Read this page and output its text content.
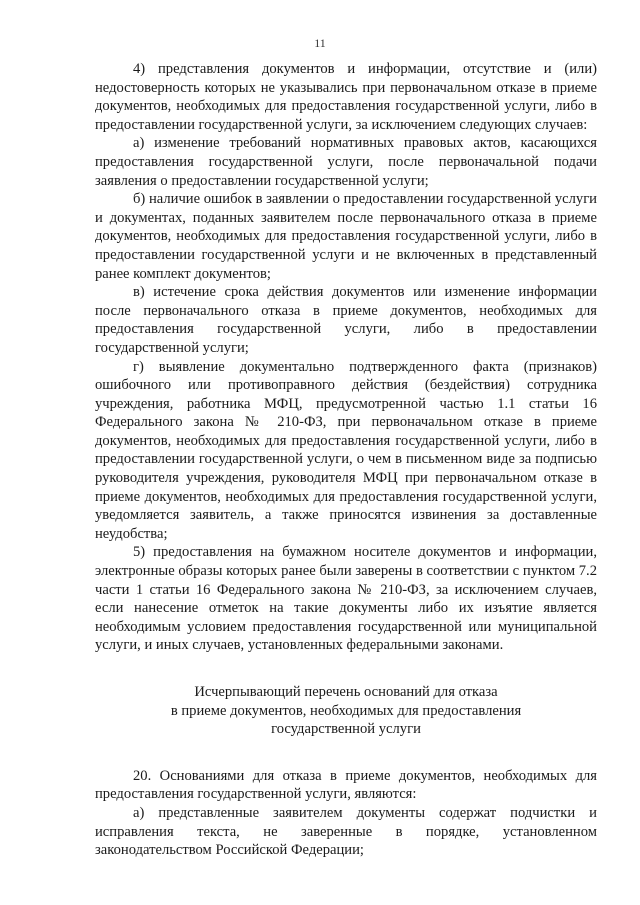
11

4) представления документов и информации, отсутствие и (или) недостоверность которых не указывались при первоначальном отказе в приеме документов, необходимых для предоставления государственной услуги, либо в предоставлении государственной услуги, за исключением следующих случаев:

а) изменение требований нормативных правовых актов, касающихся предоставления государственной услуги, после первоначальной подачи заявления о предоставлении государственной услуги;

б) наличие ошибок в заявлении о предоставлении государственной услуги и документах, поданных заявителем после первоначального отказа в приеме документов, необходимых для предоставления государственной услуги, либо в предоставлении государственной услуги и не включенных в представленный ранее комплект документов;

в) истечение срока действия документов или изменение информации после первоначального отказа в приеме документов, необходимых для предоставления государственной услуги, либо в предоставлении государственной услуги;

г) выявление документально подтвержденного факта (признаков) ошибочного или противоправного действия (бездействия) сотрудника учреждения, работника МФЦ, предусмотренной частью 1.1 статьи 16 Федерального закона № 210-ФЗ, при первоначальном отказе в приеме документов, необходимых для предоставления государственной услуги, либо в предоставлении государственной услуги, о чем в письменном виде за подписью руководителя учреждения, руководителя МФЦ при первоначальном отказе в приеме документов, необходимых для предоставления государственной услуги, уведомляется заявитель, а также приносятся извинения за доставленные неудобства;

5) предоставления на бумажном носителе документов и информации, электронные образы которых ранее были заверены в соответствии с пунктом 7.2 части 1 статьи 16 Федерального закона № 210-ФЗ, за исключением случаев, если нанесение отметок на такие документы либо их изъятие является необходимым условием предоставления государственной или муниципальной услуги, и иных случаев, установленных федеральными законами.

Исчерпывающий перечень оснований для отказа
в приеме документов, необходимых для предоставления
государственной услуги

20. Основаниями для отказа в приеме документов, необходимых для предоставления государственной услуги, являются:

а) представленные заявителем документы содержат подчистки и исправления текста, не заверенные в порядке, установленном законодательством Российской Федерации;
